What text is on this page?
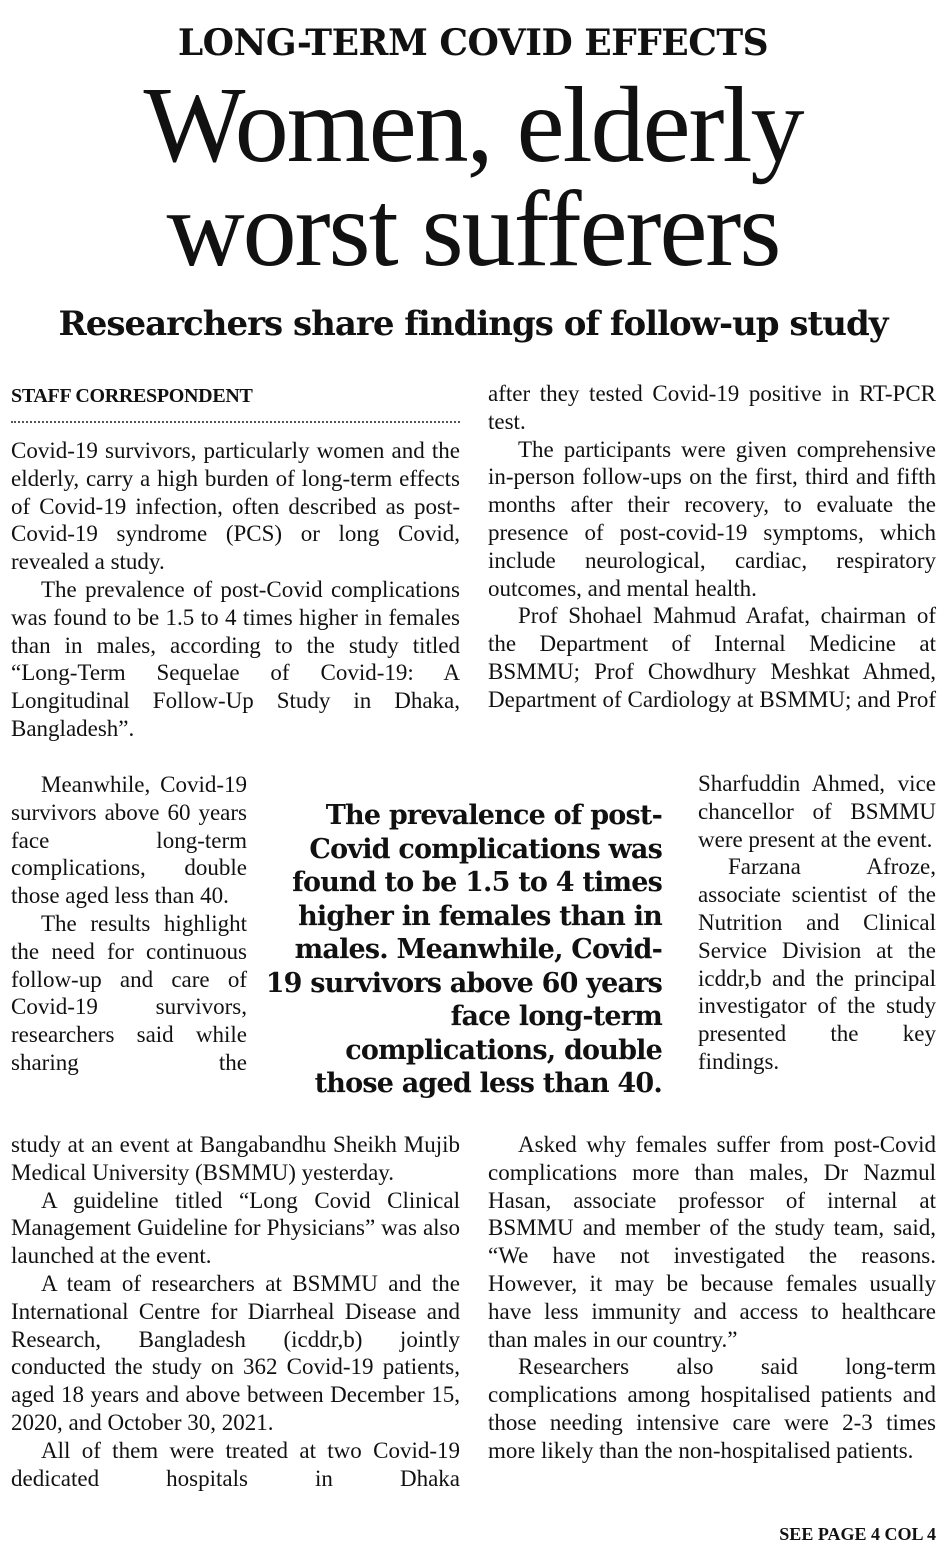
LONG-TERM COVID EFFECTS
Women, elderly
worst sufferers
Researchers share findings of follow-up study
STAFF CORRESPONDENT

Covid-19 survivors, particularly women and the elderly, carry a high burden of long-term effects of Covid-19 infection, often described as post-Covid-19 syndrome (PCS) or long Covid, revealed a study.

The prevalence of post-Covid complications was found to be 1.5 to 4 times higher in females than in males, according to the study titled “Long-Term Sequelae of Covid-19: A Longitudinal Follow-Up Study in Dhaka, Bangladesh”.

Meanwhile, Covid-19 survivors above 60 years face long-term complications, double those aged less than 40.

The results highlight the need for continuous follow-up and care of Covid-19 survivors, researchers said while sharing the

study at an event at Bangabandhu Sheikh Mujib Medical University (BSMMU) yesterday.

A guideline titled “Long Covid Clinical Management Guideline for Physicians” was also launched at the event.

A team of researchers at BSMMU and the International Centre for Diarrheal Disease and Research, Bangladesh (icddr,b) jointly conducted the study on 362 Covid-19 patients, aged 18 years and above between December 15, 2020, and October 30, 2021.

All of them were treated at two Covid-19 dedicated hospitals in Dhaka

after they tested Covid-19 positive in RT-PCR test.

The participants were given comprehensive in-person follow-ups on the first, third and fifth months after their recovery, to evaluate the presence of post-covid-19 symptoms, which include neurological, cardiac, respiratory outcomes, and mental health.

Prof Shohael Mahmud Arafat, chairman of the Department of Internal Medicine at BSMMU; Prof Chowdhury Meshkat Ahmed, Department of Cardiology at BSMMU; and Prof

Sharfuddin Ahmed, vice chancellor of BSMMU were present at the event.

Farzana Afroze, associate scientist of the Nutrition and Clinical Service Division at the icddr,b and the principal investigator of the study presented the key findings.

Asked why females suffer from post-Covid complications more than males, Dr Nazmul Hasan, associate professor of internal at BSMMU and member of the study team, said, “We have not investigated the reasons. However, it may be because females usually have less immunity and access to healthcare than males in our country.”

Researchers also said long-term complications among hospitalised patients and those needing intensive care were 2-3 times more likely than the non-hospitalised patients.

The prevalence of post-Covid complications was found to be 1.5 to 4 times higher in females than in males. Meanwhile, Covid-19 survivors above 60 years face long-term complications, double those aged less than 40.
SEE PAGE 4 COL 4
